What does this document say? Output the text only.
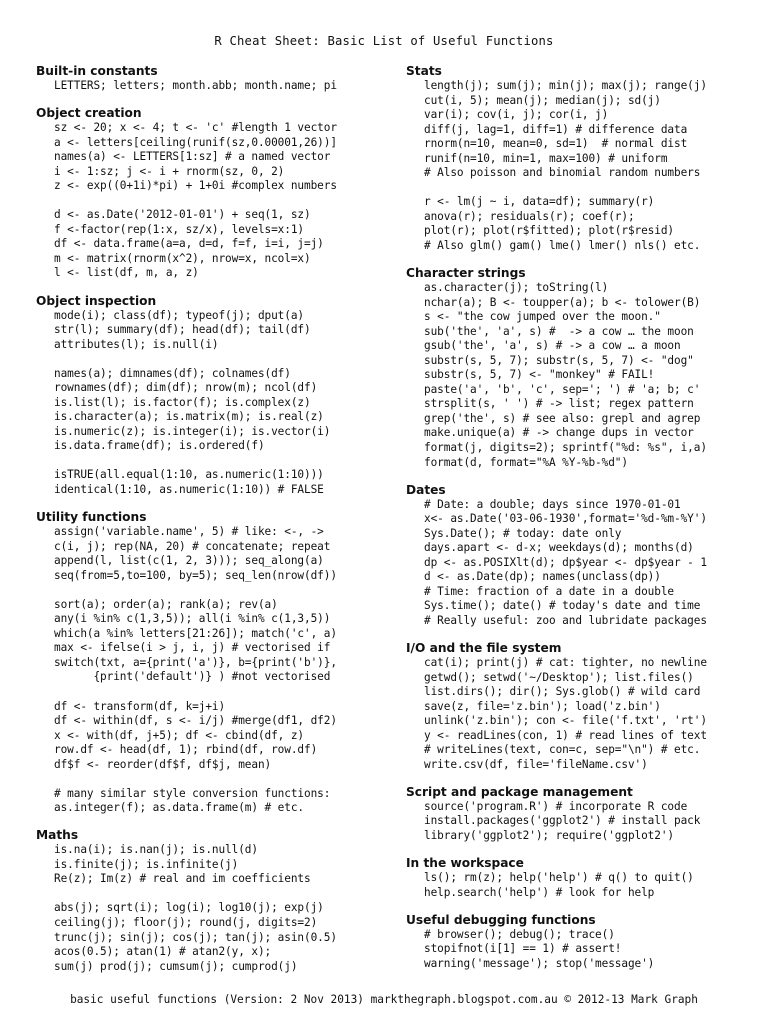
R Cheat Sheet: Basic List of Useful Functions
Built-in constants
LETTERS; letters; month.abb; month.name; pi
Object creation
sz <- 20; x <- 4; t <- 'c' #length 1 vector
a <- letters[ceiling(runif(sz,0.00001,26))]
names(a) <- LETTERS[1:sz] # a named vector
i <- 1:sz; j <- i + rnorm(sz, 0, 2)
z <- exp((0+1i)*pi) + 1+0i #complex numbers
d <- as.Date('2012-01-01') + seq(1, sz)
f <-factor(rep(1:x, sz/x), levels=x:1)
df <- data.frame(a=a, d=d, f=f, i=i, j=j)
m <- matrix(rnorm(x^2), nrow=x, ncol=x)
l <- list(df, m, a, z)
Object inspection
mode(i); class(df); typeof(j); dput(a)
str(l); summary(df); head(df); tail(df)
attributes(l); is.null(i)
names(a); dimnames(df); colnames(df)
rownames(df); dim(df); nrow(m); ncol(df)
is.list(l); is.factor(f); is.complex(z)
is.character(a); is.matrix(m); is.real(z)
is.numeric(z); is.integer(i); is.vector(i)
is.data.frame(df); is.ordered(f)
isTRUE(all.equal(1:10, as.numeric(1:10)))
identical(1:10, as.numeric(1:10)) # FALSE
Utility functions
assign('variable.name', 5) # like: <-, ->
c(i, j); rep(NA, 20) # concatenate; repeat
append(l, list(c(1, 2, 3))); seq_along(a)
seq(from=5,to=100, by=5); seq_len(nrow(df))
sort(a); order(a); rank(a); rev(a)
any(i %in% c(1,3,5)); all(i %in% c(1,3,5))
which(a %in% letters[21:26]); match('c', a)
max <- ifelse(i > j, i, j) # vectorised if
switch(txt, a={print('a')}, b={print('b')},
{print('default')} ) #not vectorised
df <- transform(df, k=j+i)
df <- within(df, s <- i/j) #merge(df1, df2)
x <- with(df, j+5); df <- cbind(df, z)
row.df <- head(df, 1); rbind(df, row.df)
df$f <- reorder(df$f, df$j, mean)
# many similar style conversion functions:
as.integer(f); as.data.frame(m) # etc.
Maths
is.na(i); is.nan(j); is.null(d)
is.finite(j); is.infinite(j)
Re(z); Im(z) # real and im coefficients
abs(j); sqrt(i); log(i); log10(j); exp(j)
ceiling(j); floor(j); round(j, digits=2)
trunc(j); sin(j); cos(j); tan(j); asin(0.5)
acos(0.5); atan(1) # atan2(y, x);
sum(j) prod(j); cumsum(j); cumprod(j)
Stats
length(j); sum(j); min(j); max(j); range(j)
cut(i, 5); mean(j); median(j); sd(j)
var(i); cov(i, j); cor(i, j)
diff(j, lag=1, diff=1) # difference data
rnorm(n=10, mean=0, sd=1)  # normal dist
runif(n=10, min=1, max=100) # uniform
# Also poisson and binomial random numbers
r <- lm(j ~ i, data=df); summary(r)
anova(r); residuals(r); coef(r);
plot(r); plot(r$fitted); plot(r$resid)
# Also glm() gam() lme() lmer() nls() etc.
Character strings
as.character(j); toString(l)
nchar(a); B <- toupper(a); b <- tolower(B)
s <- "the cow jumped over the moon."
sub('the', 'a', s) #  -> a cow … the moon
gsub('the', 'a', s) # -> a cow … a moon
substr(s, 5, 7); substr(s, 5, 7) <- "dog"
substr(s, 5, 7) <- "monkey" # FAIL!
paste('a', 'b', 'c', sep='; ') # 'a; b; c'
strsplit(s, ' ') # -> list; regex pattern
grep('the', s) # see also: grepl and agrep
make.unique(a) # -> change dups in vector
format(j, digits=2); sprintf("%d: %s", i,a)
format(d, format="%A %Y-%b-%d")
Dates
# Date: a double; days since 1970-01-01
x<- as.Date('03-06-1930',format='%d-%m-%Y')
Sys.Date(); # today: date only
days.apart <- d-x; weekdays(d); months(d)
dp <- as.POSIXlt(d); dp$year <- dp$year - 1
d <- as.Date(dp); names(unclass(dp))
# Time: fraction of a date in a double
Sys.time(); date() # today's date and time
# Really useful: zoo and lubridate packages
I/O and the file system
cat(i); print(j) # cat: tighter, no newline
getwd(); setwd('~/Desktop'); list.files()
list.dirs(); dir(); Sys.glob() # wild card
save(z, file='z.bin'); load('z.bin')
unlink('z.bin'); con <- file('f.txt', 'rt')
y <- readLines(con, 1) # read lines of text
# writeLines(text, con=c, sep="\n") # etc.
write.csv(df, file='fileName.csv')
Script and package management
source('program.R') # incorporate R code
install.packages('ggplot2') # install pack
library('ggplot2'); require('ggplot2')
In the workspace
ls(); rm(z); help('help') # q() to quit()
help.search('help') # look for help
Useful debugging functions
# browser(); debug(); trace()
stopifnot(i[1] == 1) # assert!
warning('message'); stop('message')
basic useful functions (Version: 2 Nov 2013) markthegraph.blogspot.com.au © 2012-13 Mark Graph
